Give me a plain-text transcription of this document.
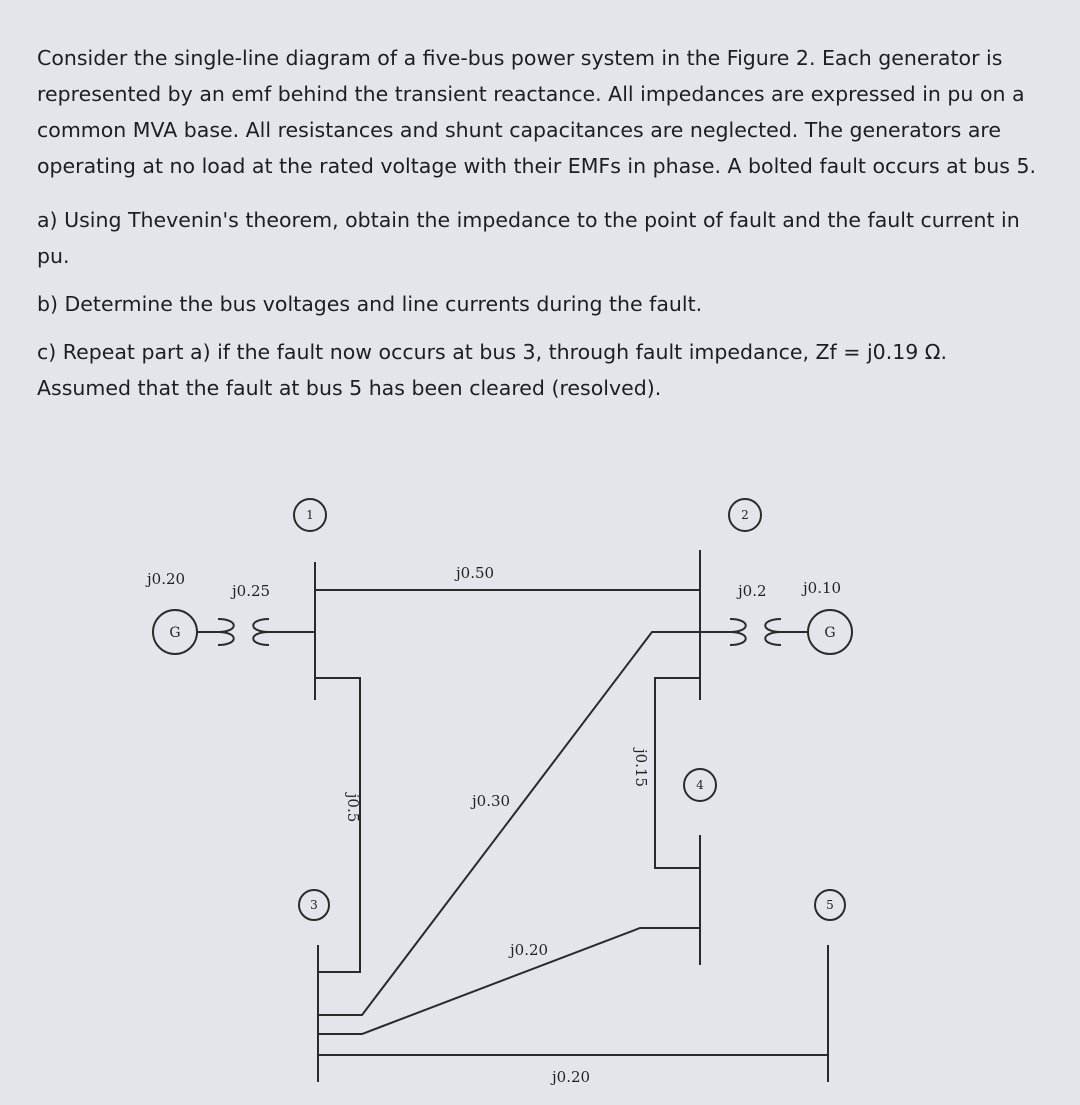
Consider the single-line diagram of a five-bus power system in the Figure 2. Each generator is represented by an emf behind the transient reactance. All impedances are expressed in pu on a common MVA base. All resistances and shunt capacitances are neglected. The generators are operating at no load at the rated voltage with their EMFs in phase. A bolted fault occurs at bus 5.

a) Using Thevenin's theorem, obtain the impedance to the point of fault and the fault current in pu.

b) Determine the bus voltages and line currents during the fault.

c) Repeat part a) if the fault now occurs at bus 3, through fault impedance, Zf = j0.19 Ω. Assumed that the fault at bus 5 has been cleared (resolved).

1	2
3
4
5
G	G
j0.20
j0.25
j0.50
j0.2 j0.10
j0.5	j0.30
j0.15
j0.20
j0.20
